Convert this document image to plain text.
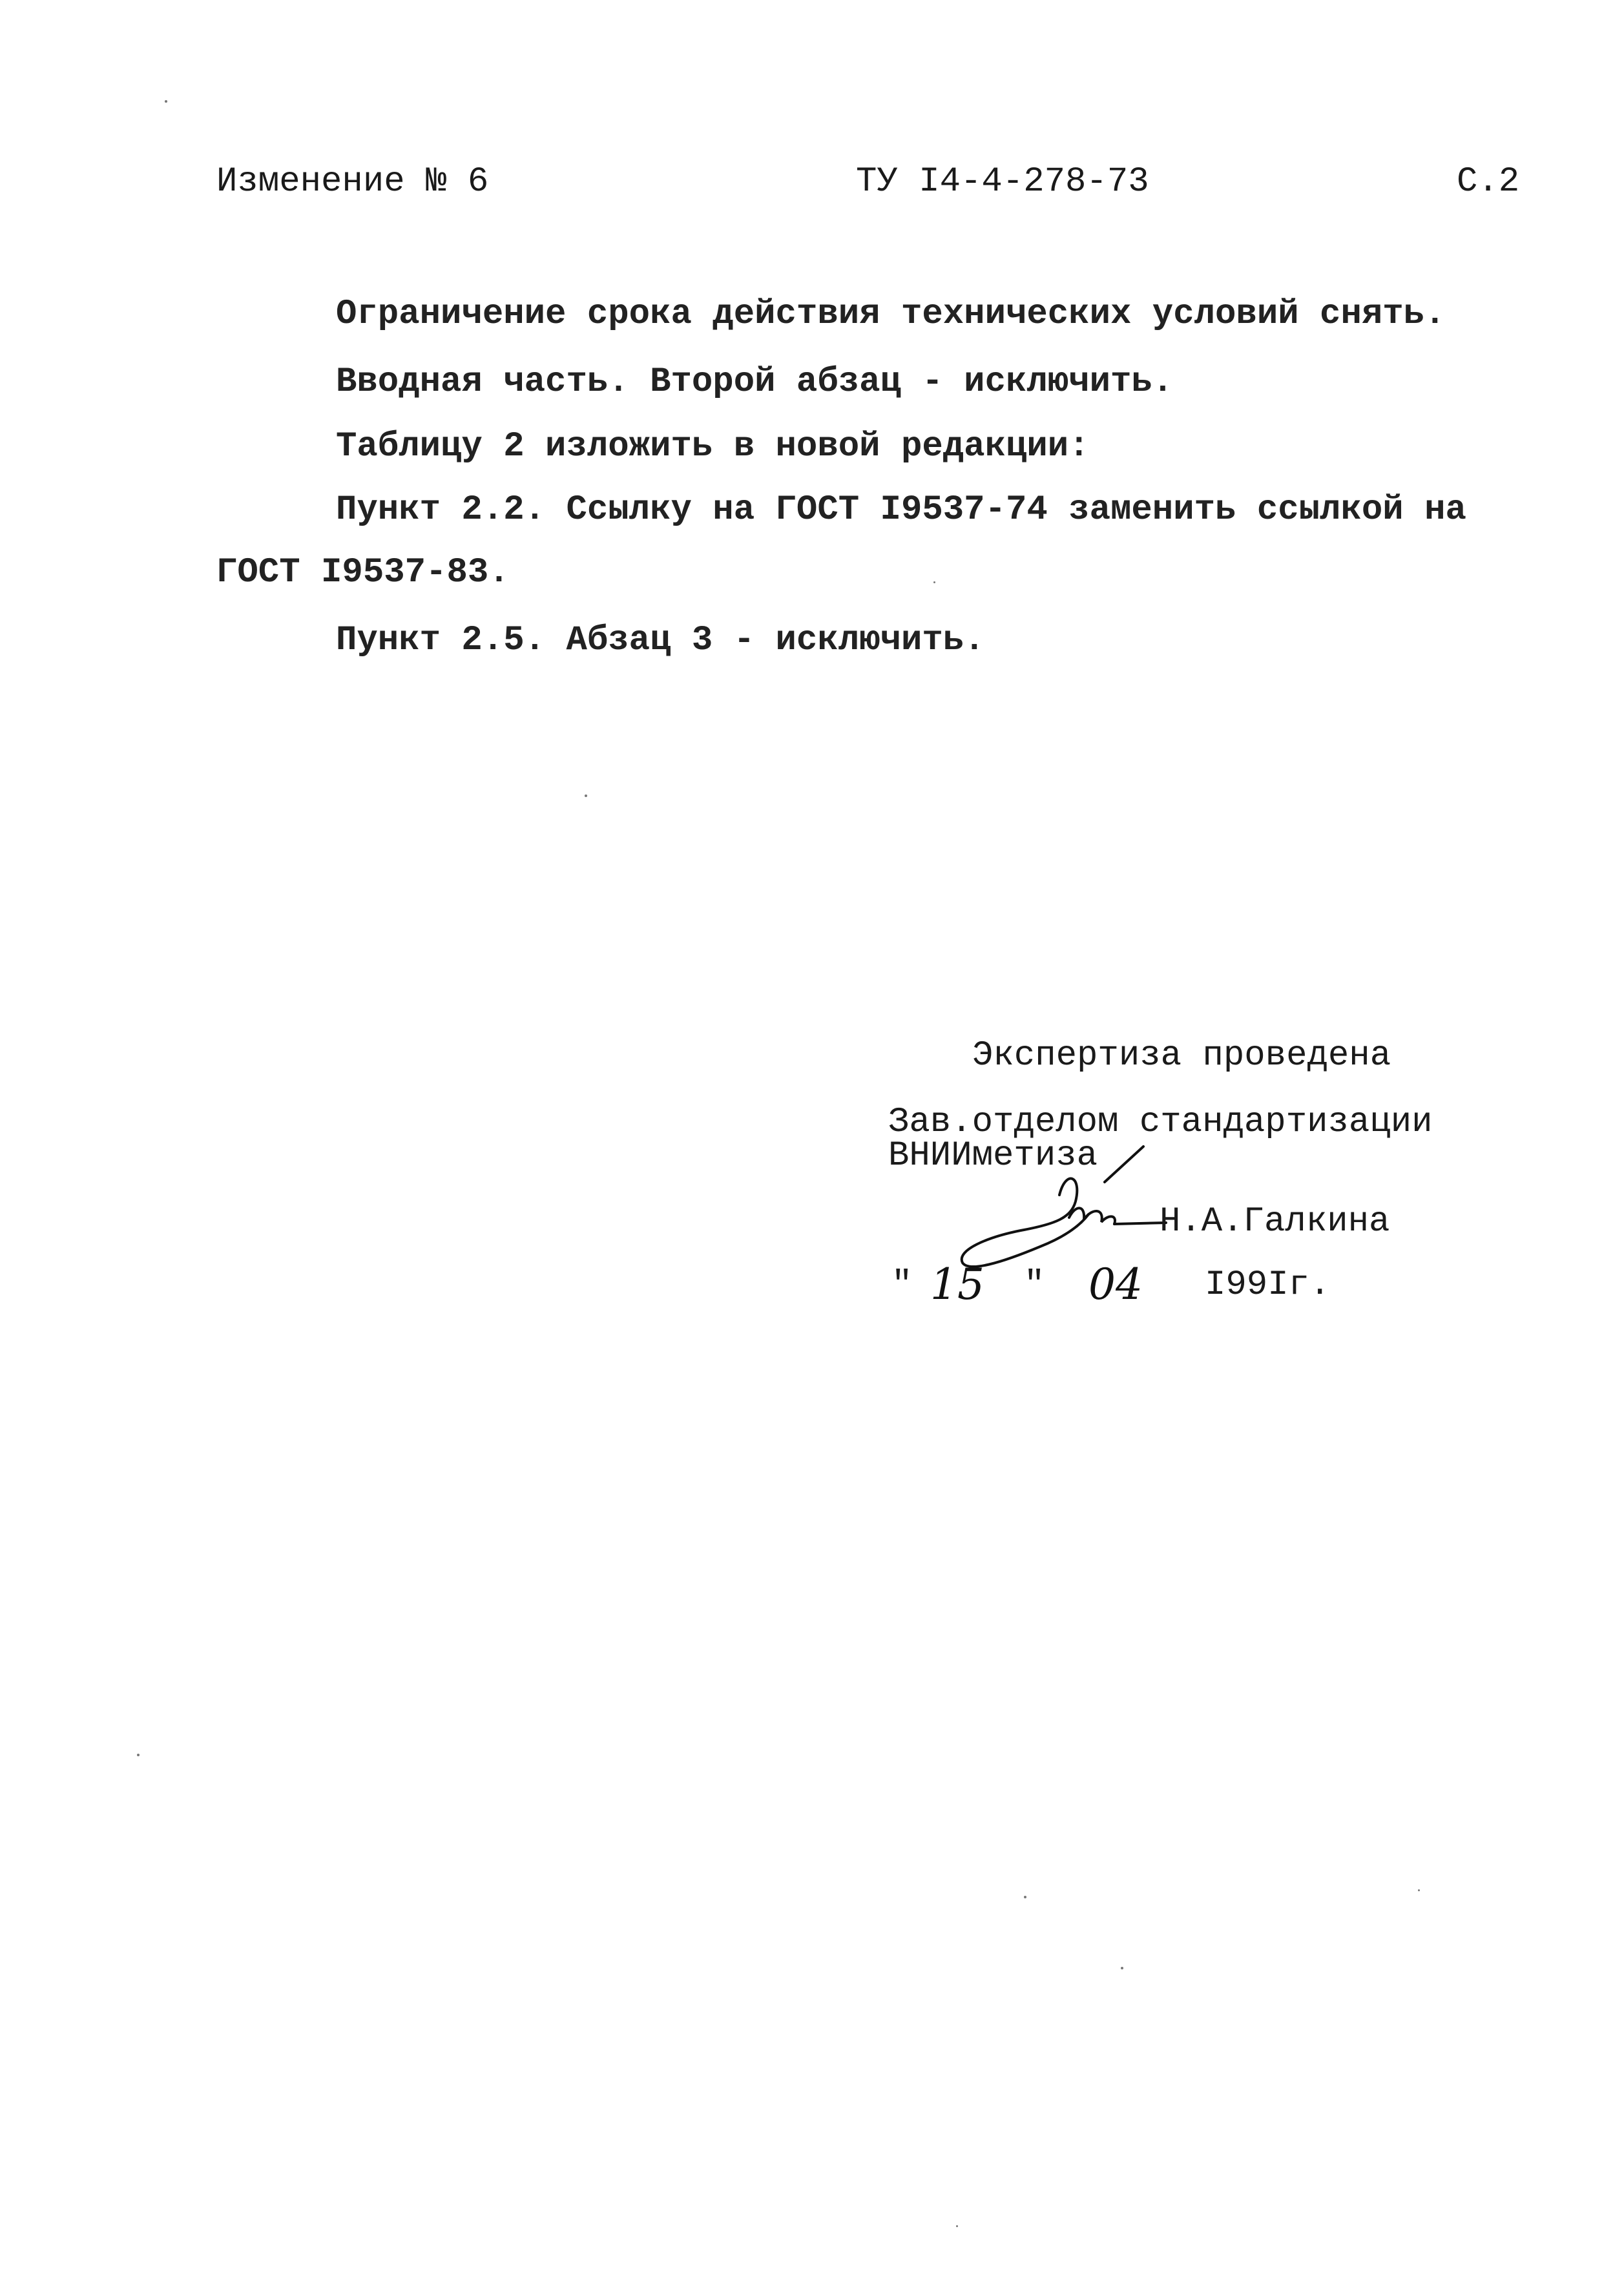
Изменение № 6	ТУ I4-4-278-73	С.2
Ограничение срока действия технических условий снять.
Вводная часть. Второй абзац - исключить.
Таблицу 2 изложить в новой редакции:
Пункт 2.2. Ссылку на ГОСТ I9537-74 заменить ссылкой на
ГОСТ I9537-83.
Пункт 2.5. Абзац 3 - исключить.
Экспертиза проведена
Зав.отделом стандартизации
ВНИИметиза
Н.А.Галкина
" 15 " 04 I99Iг.
